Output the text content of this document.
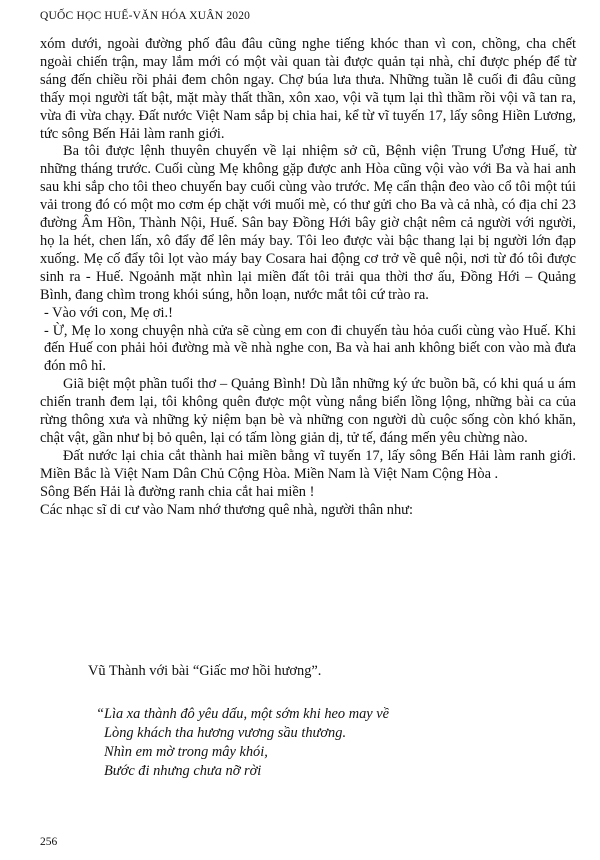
QUỐC HỌC HUẾ-VĂN HÓA XUÂN 2020

xóm dưới, ngoài đường phố đâu đâu cũng nghe tiếng khóc than vì con, chồng, cha chết ngoài chiến trận, may lắm mới có một vài quan tài được quản tại nhà, chỉ được phép để từ sáng đến chiều rồi phải đem chôn ngay. Chợ búa lưa thưa. Những tuần lễ cuối đi đâu cũng thấy mọi người tất bật, mặt mày thất thần, xôn xao, vội vã tụm lại thì thầm rồi vội vã tan ra, vừa đi vừa chạy. Đất nước Việt Nam sắp bị chia hai, kể từ vĩ tuyến 17, lấy sông Hiền Lương, tức sông Bến Hải làm ranh giới.

Ba tôi được lệnh thuyên chuyển về lại nhiệm sở cũ, Bệnh viện Trung Ương Huế, từ những tháng trước. Cuối cùng Mẹ không gặp được anh Hòa cũng vội vào với Ba và hai anh sau khi sắp cho tôi theo chuyến bay cuối cùng vào trước. Mẹ cẩn thận đeo vào cổ tôi một túi vải trong đó có một mo cơm ép chặt với muối mè, có thư gửi cho Ba và cả nhà, có địa chỉ 23 đường Âm Hồn, Thành Nội, Huế. Sân bay Đồng Hới bây giờ chật nêm cả người với người, họ la hét, chen lấn, xô đẩy để lên máy bay. Tôi leo được vài bậc thang lại bị người lớn đạp xuống. Mẹ cố đẩy tôi lọt vào máy bay Cosara hai động cơ trở về quê nội, nơi từ đó tôi được sinh ra - Huế. Ngoảnh mặt nhìn lại miền đất tôi trải qua thời thơ ấu, Đồng Hới – Quảng Bình, đang chìm trong khói súng, hỗn loạn, nước mắt tôi cứ trào ra.

- Vào với con, Mẹ ơi.!

- Ừ, Mẹ lo xong chuyện nhà cửa sẽ cùng em con đi chuyến tàu hỏa cuối cùng vào Huế. Khi đến Huế con phải hỏi đường mà về nhà nghe con, Ba và hai anh không biết con vào mà đưa đón mô hỉ.

Giã biệt một phần tuổi thơ – Quảng Bình! Dù lẫn những ký ức buồn bã, có khi quá u ám chiến tranh đem lại, tôi không quên được một vùng nắng biển lồng lộng, những bài ca của rừng thông xưa và những kỷ niệm bạn bè và những con người dù cuộc sống còn khó khăn, chật vật, gần như bị bỏ quên, lại có tấm lòng giản dị, tử tế, đáng mến yêu chừng nào.

Đất nước lại chia cắt thành hai miền bằng vĩ tuyến 17, lấy sông Bến Hải làm ranh giới. Miền Bắc là Việt Nam Dân Chủ Cộng Hòa. Miền Nam là Việt Nam Cộng Hòa .

Sông Bến Hải là đường ranh chia cắt hai miền !

Các nhạc sĩ di cư vào Nam nhớ thương quê nhà, người thân như:

Vũ Thành với bài “Giấc mơ hồi hương”.
“Lìa xa thành đô yêu dấu, một sớm khi heo may về
Lòng khách tha hương vương sầu thương.
Nhìn em mờ trong mây khói,
Bước đi nhưng chưa nỡ rời
256
